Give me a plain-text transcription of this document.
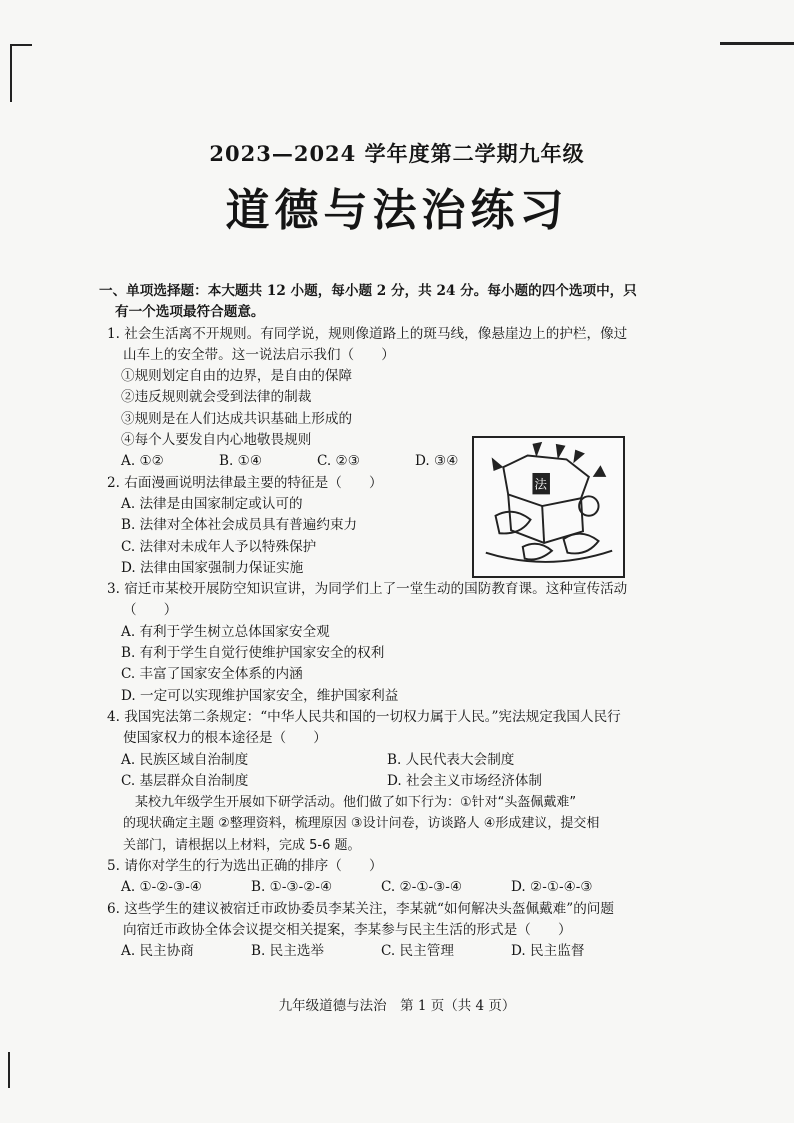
2023—2024 学年度第二学期九年级
道德与法治练习
法
一、单项选择题：本大题共 12 小题，每小题 2 分，共 24 分。每小题的四个选项中，只
有一个选项最符合题意。
1. 社会生活离不开规则。有同学说，规则像道路上的斑马线，像悬崖边上的护栏，像过
山车上的安全带。这一说法启示我们（　　）
①规则划定自由的边界，是自由的保障
②违反规则就会受到法律的制裁
③规则是在人们达成共识基础上形成的
④每个人要发自内心地敬畏规则
A. ①②	B. ①④	C. ②③	D. ③④
2. 右面漫画说明法律最主要的特征是（　　）
A. 法律是由国家制定或认可的
B. 法律对全体社会成员具有普遍约束力
C. 法律对未成年人予以特殊保护
D. 法律由国家强制力保证实施
3. 宿迁市某校开展防空知识宣讲，为同学们上了一堂生动的国防教育课。这种宣传活动
（　　）
A. 有利于学生树立总体国家安全观
B. 有利于学生自觉行使维护国家安全的权利
C. 丰富了国家安全体系的内涵
D. 一定可以实现维护国家安全，维护国家利益
4. 我国宪法第二条规定：“中华人民共和国的一切权力属于人民。”宪法规定我国人民行
使国家权力的根本途径是（　　）
A. 民族区域自治制度	B. 人民代表大会制度
C. 基层群众自治制度	D. 社会主义市场经济体制
某校九年级学生开展如下研学活动。他们做了如下行为：①针对“头盔佩戴难”
的现状确定主题 ②整理资料，梳理原因 ③设计问卷，访谈路人 ④形成建议，提交相
关部门，请根据以上材料，完成 5-6 题。
5. 请你对学生的行为选出正确的排序（　　）
A. ①-②-③-④	B. ①-③-②-④	C. ②-①-③-④	D. ②-①-④-③
6. 这些学生的建议被宿迁市政协委员李某关注，李某就“如何解决头盔佩戴难”的问题
向宿迁市政协全体会议提交相关提案，李某参与民主生活的形式是（　　）
A. 民主协商	B. 民主选举	C. 民主管理	D. 民主监督
九年级道德与法治　第 1 页（共 4 页）
